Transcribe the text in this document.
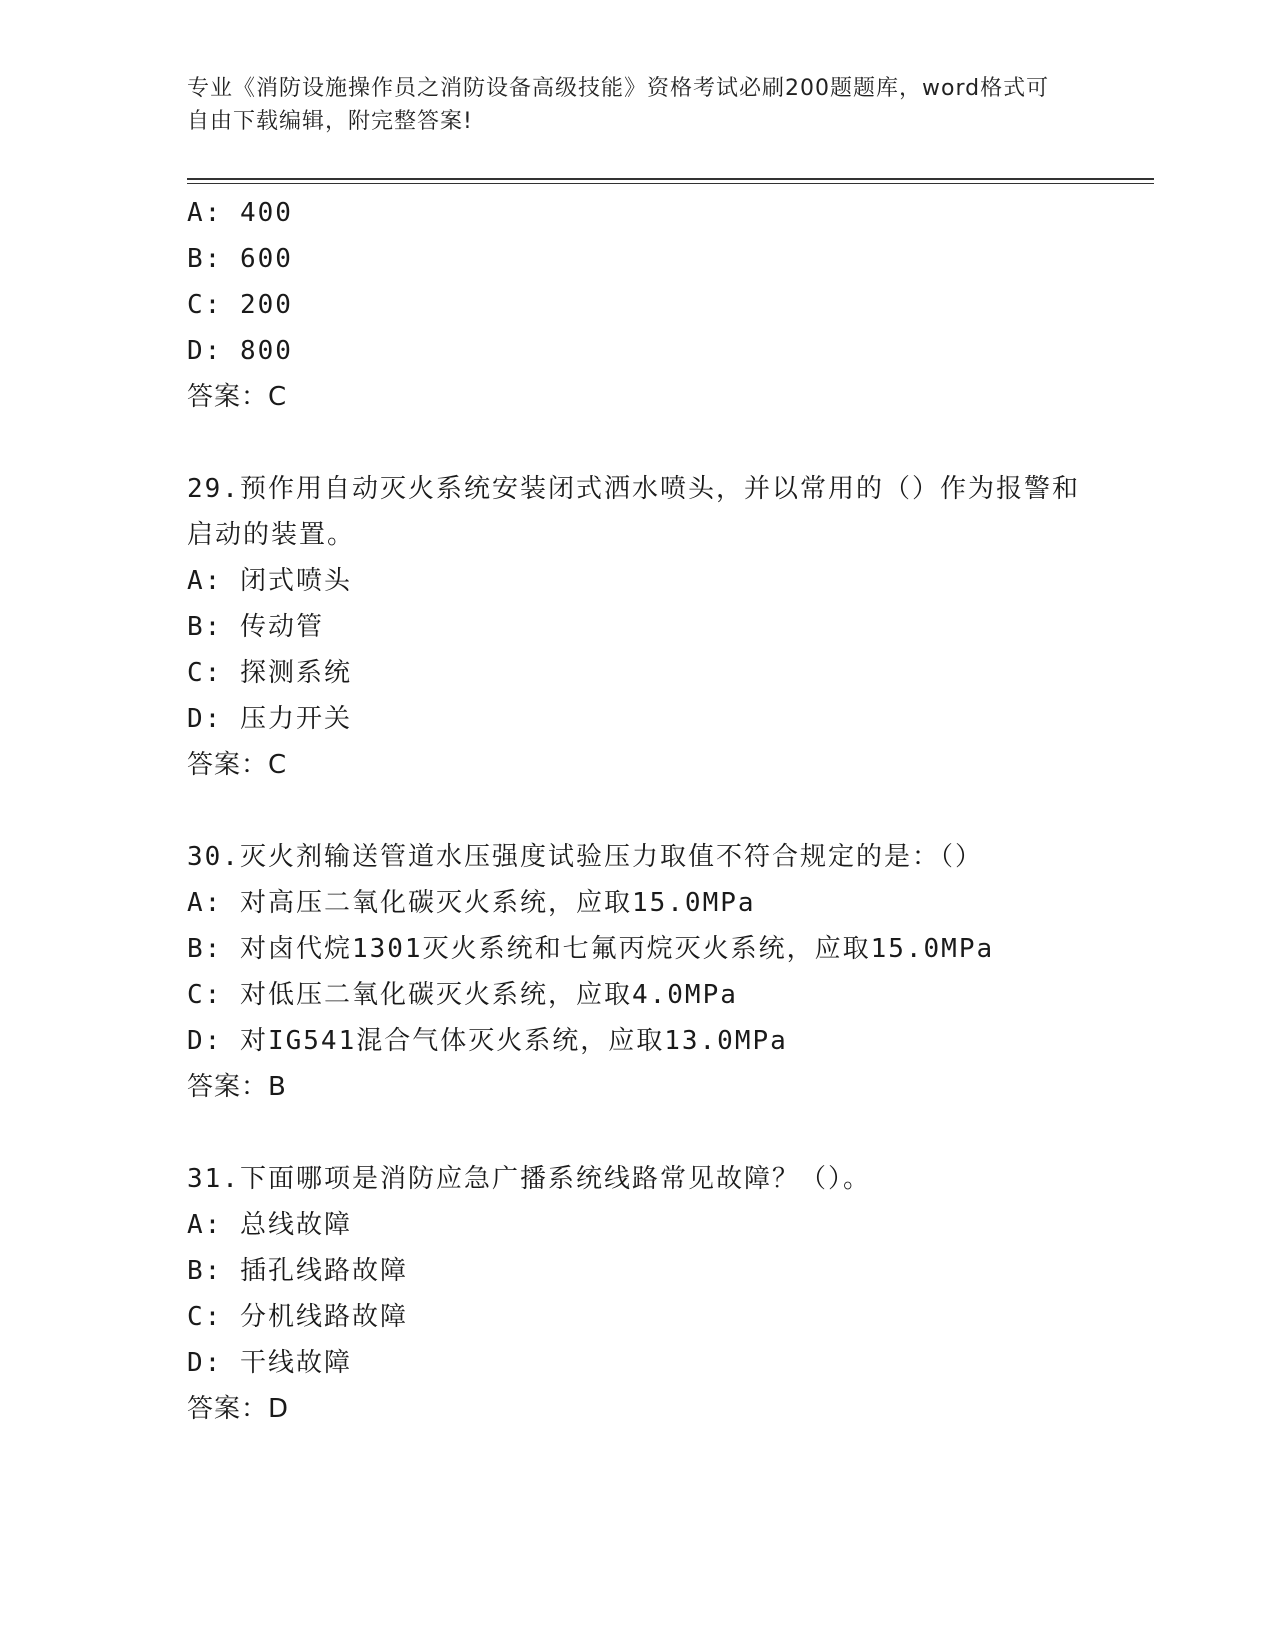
专业《消防设施操作员之消防设备高级技能》资格考试必刷200题题库，word格式可自由下载编辑，附完整答案!
A: 400
B: 600
C: 200
D: 800
答案：C
29.预作用自动灭火系统安装闭式洒水喷头，并以常用的（）作为报警和启动的装置。
A: 闭式喷头
B: 传动管
C: 探测系统
D: 压力开关
答案：C
30.灭火剂输送管道水压强度试验压力取值不符合规定的是：（）
A: 对高压二氧化碳灭火系统，应取15.0MPa
B: 对卤代烷1301灭火系统和七氟丙烷灭火系统，应取15.0MPa
C: 对低压二氧化碳灭火系统，应取4.0MPa
D: 对IG541混合气体灭火系统，应取13.0MPa
答案：B
31.下面哪项是消防应急广播系统线路常见故障？（）。
A: 总线故障
B: 插孔线路故障
C: 分机线路故障
D: 干线故障
答案：D
